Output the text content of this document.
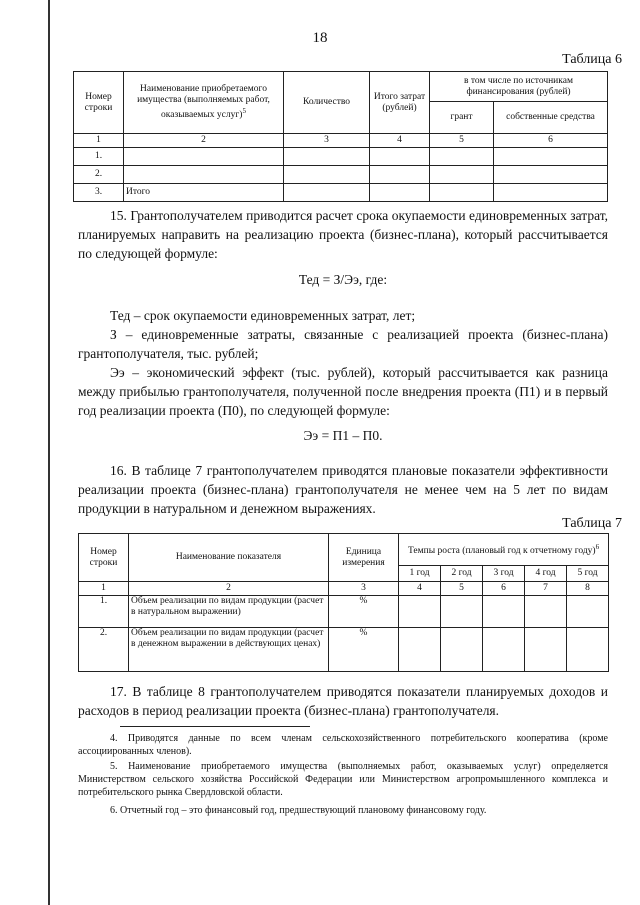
18
Таблица 6
Номер строки	Наименование приобретаемого имущества (выполняемых работ, оказываемых услуг)$^5$	Количество	Итого затрат (рублей)	в том числе по источникам финансирования (рублей)	
				грант	собственные средства
1	2	3	4	5	6
1.					
2.					
3.	Итого				

15. Грантополучателем приводится расчет срока окупаемости единовременных затрат, планируемых направить на реализацию проекта (бизнес-плана), который рассчитывается по следующей формуле:

Тед = З/Ээ, где:

Тед – срок окупаемости единовременных затрат, лет;

З – единовременные затраты, связанные с реализацией проекта (бизнес-плана) грантополучателя, тыс. рублей;

Ээ – экономический эффект (тыс. рублей), который рассчитывается как разница между прибылью грантополучателя, полученной после внедрения проекта (П1) и в первый год реализации проекта (П0), по следующей формуле:

Ээ = П1 – П0.

16. В таблице 7 грантополучателем приводятся плановые показатели эффективности реализации проекта (бизнес-плана) грантополучателя не менее чем на 5 лет по видам продукции в натуральном и денежном выражениях.

Таблица 7
Номер строки	Наименование показателя	Единица измерения	Темпы роста (плановый год к отчетному году)$^6$
			1 год	2 год	3 год	4 год	5 год
1	2	3	4	5	6	7	8
1.	Объем реализации по видам продукции (расчет в натуральном выражении)	%					
2.	Объем реализации по видам продукции (расчет в денежном выражении в действующих ценах)	%					

17. В таблице 8 грантополучателем приводятся показатели планируемых доходов и расходов в период реализации проекта (бизнес-плана) грантополучателя.

4. Приводятся данные по всем членам сельскохозяйственного потребительского кооператива (кроме ассоциированных членов).

5. Наименование приобретаемого имущества (выполняемых работ, оказываемых услуг) определяется Министерством сельского хозяйства Российской Федерации или Министерством агропромышленного комплекса и потребительского рынка Свердловской области.

6. Отчетный год – это финансовый год, предшествующий плановому финансовому году.
